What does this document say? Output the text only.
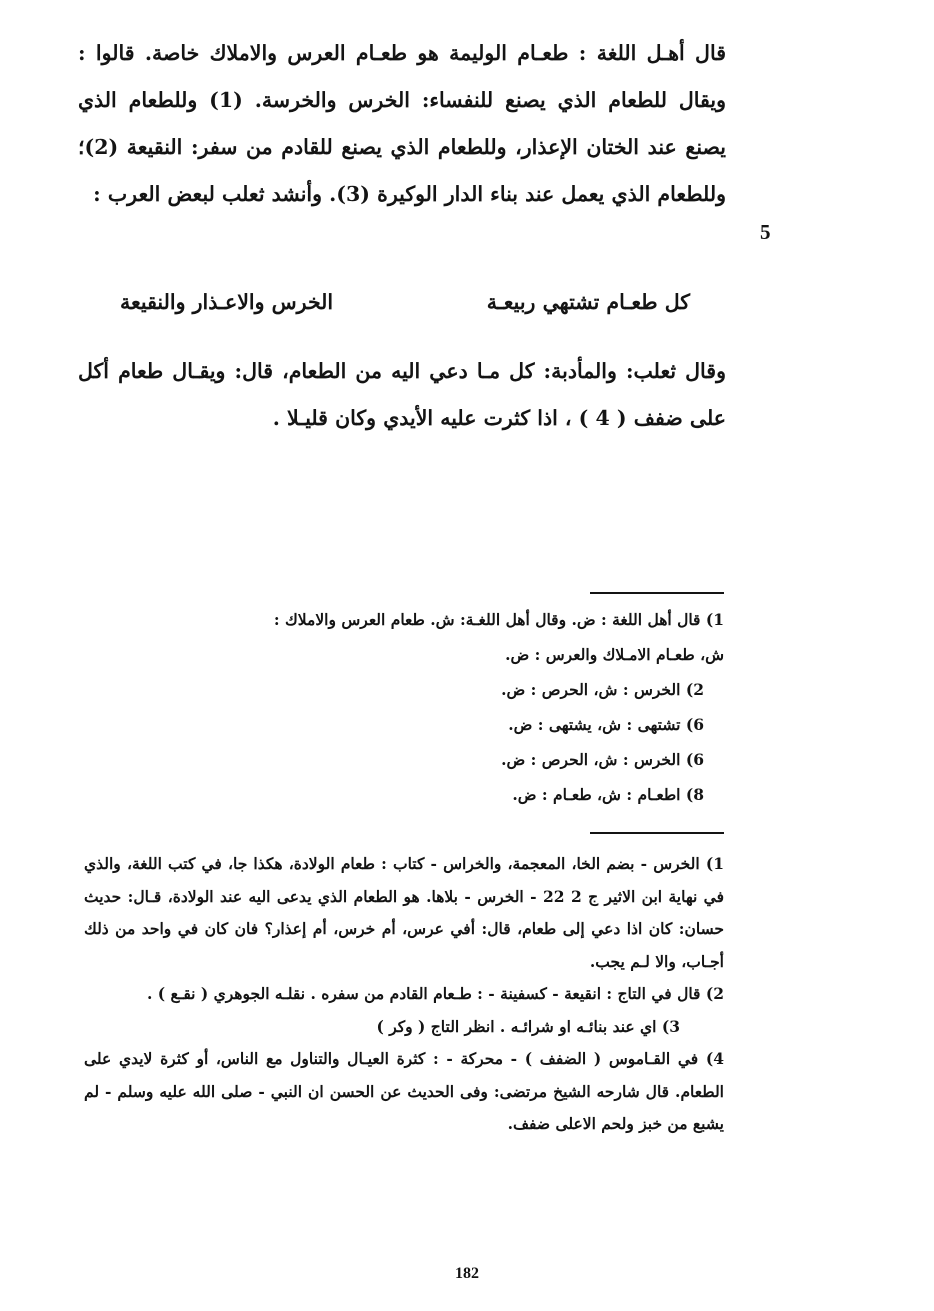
قال أهـل اللغة : طعـام الوليمة هو طعـام العرس والاملاك خاصة. قالوا : ويقال للطعام الذي يصنع للنفساء: الخرس والخرسة. (1) وللطعام الذي يصنع عند الختان الإعذار، وللطعام الذي يصنع للقادم من سفر: النقيعة (2)؛ وللطعام الذي يعمل عند بناء الدار الوكيرة (3). وأنشد ثعلب لبعض العرب :

5
كل طعـام تشتهي ربيعـة
الخرس والاعـذار والنقيعة

وقال ثعلب: والمأدبة: كل مـا دعي اليه من الطعام، قال: ويقـال طعام أكل على ضفف ( 4 ) ، اذا كثرت عليه الأيدي وكان قليـلا .

1) قال أهل اللغة : ض. وقال أهل اللغـة: ش. طعام العرس والاملاك :

ش، طعـام الامـلاك والعرس : ض.

2) الخرس : ش، الحرص : ض.

6) تشتهى : ش، يشتهى : ض.

6) الخرس : ش، الحرص : ض.

8) اطعـام : ش، طعـام : ض.

1) الخرس - بضم الخا، المعجمة، والخراس - كتاب : طعام الولادة، هكذا جا، في كتب اللغة، والذي في نهاية ابن الاثير ج 2 22 - الخرس - بلاها. هو الطعام الذي يدعى اليه عند الولادة، قـال: حديث حسان: كان اذا دعي إلى طعام، قال: أفي عرس، أم خرس، أم إعذار؟ فان كان في واحد من ذلك أجـاب، والا لـم يجب.

2) قال في التاج : انقيعة - كسفينة - : طـعام القادم من سفره . نقلـه الجوهري ( نقـع ) .

3) اي عند بنائـه او شرائـه . انظر التاج ( وكر )

4) في القـاموس ( الضفف ) - محركة - : كثرة العيـال والتناول مع الناس، أو كثرة لايدي على الطعام. قال شارحه الشيخ مرتضى: وفى الحديث عن الحسن ان النبي - صلى الله عليه وسلم - لم يشبع من خبز ولحم الاعلى ضفف.

182
